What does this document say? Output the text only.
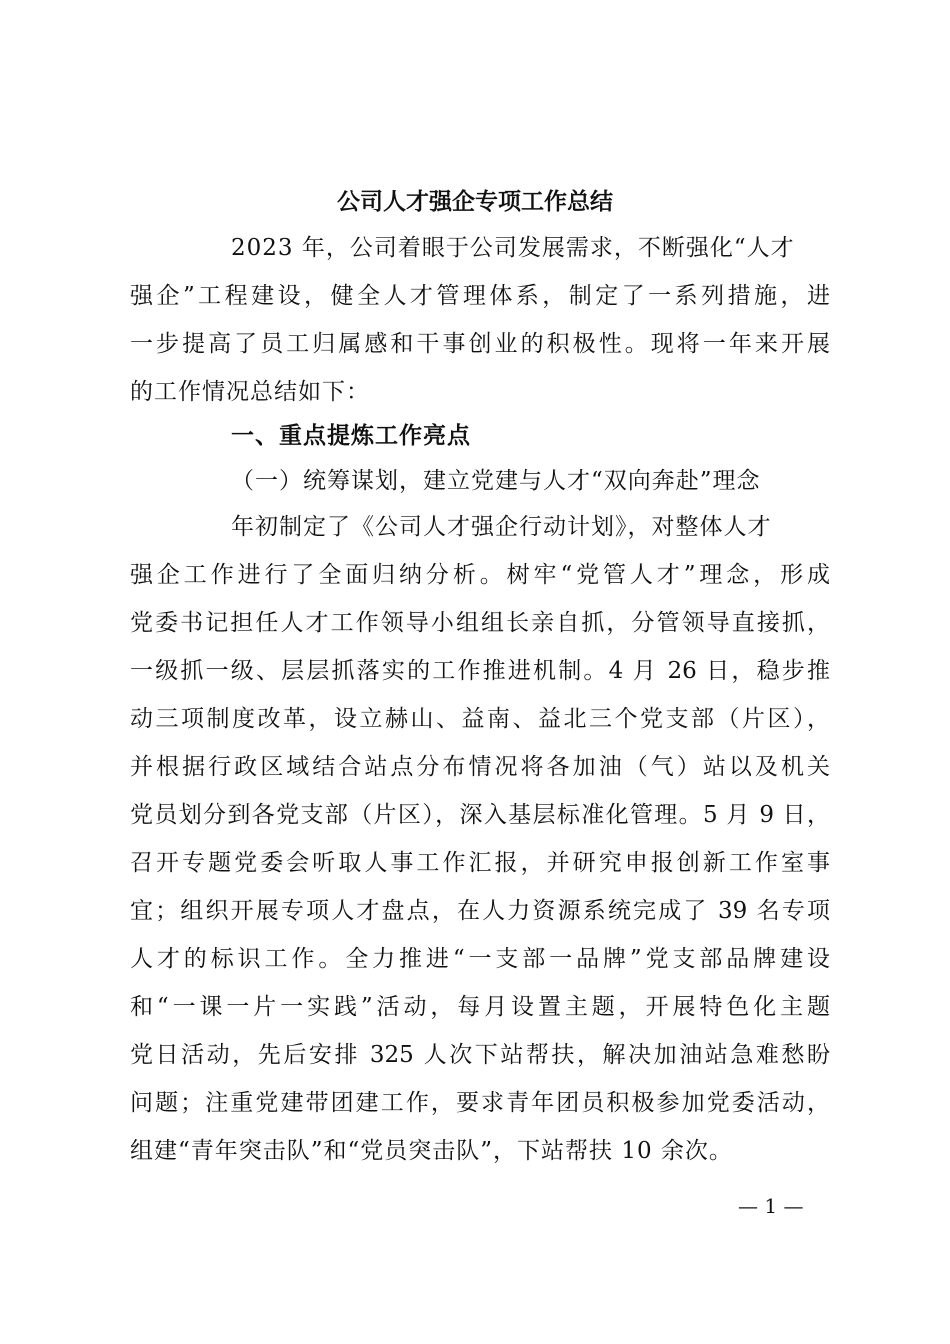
公司人才强企专项工作总结
2023 年，公司着眼于公司发展需求，不断强化“人才
强企”工程建设，健全人才管理体系，制定了一系列措施，进
一步提高了员工归属感和干事创业的积极性。现将一年来开展
的工作情况总结如下：
一、重点提炼工作亮点
（一）统筹谋划，建立党建与人才“双向奔赴”理念
年初制定了《公司人才强企行动计划》，对整体人才
强企工作进行了全面归纳分析。树牢“党管人才”理念，形成
党委书记担任人才工作领导小组组长亲自抓，分管领导直接抓，
一级抓一级、层层抓落实的工作推进机制。4 月 26 日，稳步推
动三项制度改革，设立赫山、益南、益北三个党支部（片区），
并根据行政区域结合站点分布情况将各加油（气）站以及机关
党员划分到各党支部（片区），深入基层标准化管理。5 月 9 日，
召开专题党委会听取人事工作汇报，并研究申报创新工作室事
宜；组织开展专项人才盘点，在人力资源系统完成了 39 名专项
人才的标识工作。全力推进“一支部一品牌”党支部品牌建设
和“一课一片一实践”活动，每月设置主题，开展特色化主题
党日活动，先后安排 325 人次下站帮扶，解决加油站急难愁盼
问题；注重党建带团建工作，要求青年团员积极参加党委活动，
组建“青年突击队”和“党员突击队”，下站帮扶 10 余次。
— 1 —
